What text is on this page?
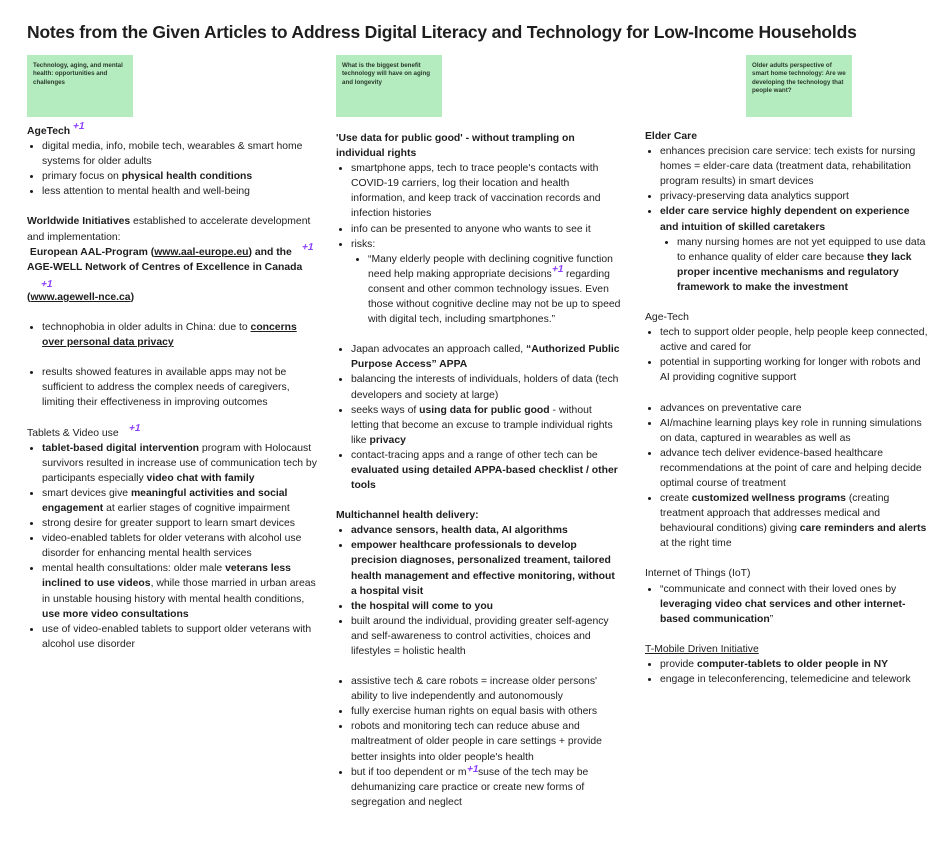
Notes from the Given Articles to Address Digital Literacy and Technology for Low-Income Households
Technology, aging, and mental health: opportunities and challenges
What is the biggest benefit technology will have on aging and longevity
Older adults perspective of smart home technology: Are we developing the technology that people want?

AgeTech +1

• digital media, info, mobile tech, wearables & smart home systems for older adults
• primary focus on physical health conditions
• less attention to mental health and well-being

Worldwide Initiatives established to accelerate development and implementation:

European AAL-Program (www.aal-europe.eu) and the +1

AGE-WELL Network of Centres of Excellence in Canada+1

(www.agewell-nce.ca)

• technophobia in older adults in China: due to concerns over personal data privacy
• results showed features in available apps may not be sufficient to address the complex needs of caregivers, limiting their effectiveness in improving outcomes

Tablets & Video use +1

• tablet-based digital intervention program with Holocaust survivors resulted in increase use of communication tech by participants especially video chat with family
• smart devices give meaningful activities and social engagement at earlier stages of cognitive impairment
• strong desire for greater support to learn smart devices
• video-enabled tablets for older veterans with alcohol use disorder for enhancing mental health services
• mental health consultations: older male veterans less inclined to use videos, while those married in urban areas in unstable housing history with mental health conditions, use more video consultations
• use of video-enabled tablets to support older veterans with alcohol use disorder

'Use data for public good' - without trampling on individual rights

• smartphone apps, tech to trace people's contacts with COVID-19 carriers, log their location and health information, and keep track of vaccination records and infection histories
• info can be presented to anyone who wants to see it
• risks:
• “Many elderly people with declining cognitive function need help making appropriate decisions+1 regarding consent and other common technology issues. Even those without cognitive decline may not be up to speed with digital tech, including smartphones.”
• Japan advocates an approach called, “Authorized Public Purpose Access” APPA
• balancing the interests of individuals, holders of data (tech developers and society at large)
• seeks ways of using data for public good - without letting that become an excuse to trample individual rights like privacy
• contact-tracing apps and a range of other tech can be evaluated using detailed APPA-based checklist / other tools

Multichannel health delivery:

• advance sensors, health data, AI algorithms
• empower healthcare professionals to develop precision diagnoses, personalized treament, tailored health management and effective monitoring, without a hospital visit
• the hospital will come to you
• built around the individual, providing greater self-agency and self-awareness to control activities, choices and lifestyles = holistic health
• assistive tech & care robots = increase older persons' ability to live independently and autonomously
• fully exercise human rights on equal basis with others
• robots and monitoring tech can reduce abuse and maltreatment of older people in care settings + provide better insights into older people's health
• but if too dependent or m+1suse of the tech may be dehumanizing care practice or create new forms of segregation and neglect

Elder Care

• enhances precision care service: tech exists for nursing homes = elder-care data (treatment data, rehabilitation program results) in smart devices
• privacy-preserving data analytics support
• elder care service highly dependent on experience and intuition of skilled caretakers
• many nursing homes are not yet equipped to use data to enhance quality of elder care because they lack proper incentive mechanisms and regulatory framework to make the investment

Age-Tech

• tech to support older people, help people keep connected, active and cared for
• potential in supporting working for longer with robots and AI providing cognitive support
• advances on preventative care
• AI/machine learning plays key role in running simulations on data, captured in wearables as well as
• advance tech deliver evidence-based healthcare recommendations at the point of care and helping decide optimal course of treatment
• create customized wellness programs (creating treatment approach that addresses medical and behavioural conditions) giving care reminders and alerts at the right time

Internet of Things (IoT)

• “communicate and connect with their loved ones by leveraging video chat services and other internet-based communication”

T-Mobile Driven Initiative

• provide computer-tablets to older people in NY
• engage in teleconferencing, telemedicine and telework
